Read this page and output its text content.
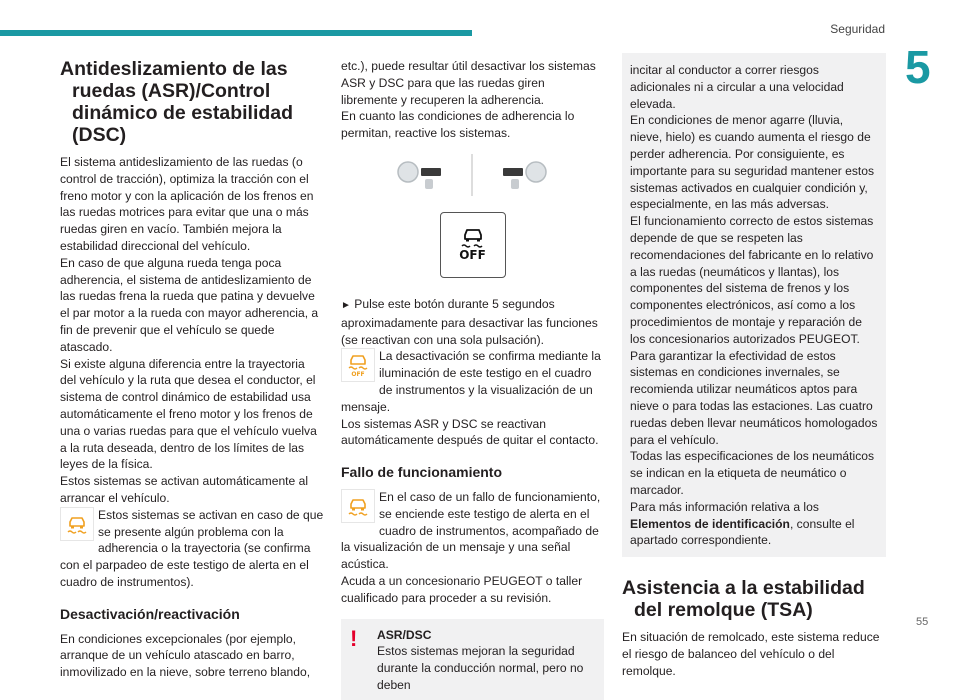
Seguridad
5
55
Antideslizamiento de las ruedas (ASR)/Control dinámico de estabilidad (DSC)

El sistema antideslizamiento de las ruedas (o control de tracción), optimiza la tracción con el freno motor y con la aplicación de los frenos en las ruedas motrices para evitar que una o más ruedas giren en vacío. También mejora la estabilidad direccional del vehículo.

En caso de que alguna rueda tenga poca adherencia, el sistema de antideslizamiento de las ruedas frena la rueda que patina y devuelve el par motor a la rueda con mayor adherencia, a fin de prevenir que el vehículo se quede atascado.

Si existe alguna diferencia entre la trayectoria del vehículo y la ruta que desea el conductor, el sistema de control dinámico de estabilidad usa automáticamente el freno motor y los frenos de una o varias ruedas para que el vehículo vuelva a la ruta deseada, dentro de los límites de las leyes de la física.

Estos sistemas se activan automáticamente al arrancar el vehículo.

Estos sistemas se activan en caso de que se presente algún problema con la adherencia o la trayectoria (se confirma con el parpadeo de este testigo de alerta en el cuadro de instrumentos).

Desactivación/reactivación

En condiciones excepcionales (por ejemplo, arranque de un vehículo atascado en barro, inmovilizado en la nieve, sobre terreno blando,

etc.), puede resultar útil desactivar los sistemas ASR y DSC para que las ruedas giren libremente y recuperen la adherencia.

En cuanto las condiciones de adherencia lo permitan, reactive los sistemas.

OFF

► Pulse este botón durante 5 segundos aproximadamente para desactivar las funciones (se reactivan con una sola pulsación).

OFF

La desactivación se confirma mediante la iluminación de este testigo en el cuadro de instrumentos y la visualización de un mensaje.

Los sistemas ASR y DSC se reactivan automáticamente después de quitar el contacto.

Fallo de funcionamiento

En el caso de un fallo de funcionamiento, se enciende este testigo de alerta en el cuadro de instrumentos, acompañado de la visualización de un mensaje y una señal acústica.

Acuda a un concesionario PEUGEOT o taller cualificado para proceder a su revisión.

!	ASR/DSC

Estos sistemas mejoran la seguridad durante la conducción normal, pero no deben

incitar al conductor a correr riesgos adicionales ni a circular a una velocidad elevada.

En condiciones de menor agarre (lluvia, nieve, hielo) es cuando aumenta el riesgo de perder adherencia. Por consiguiente, es importante para su seguridad mantener estos sistemas activados en cualquier condición y, especialmente, en las más adversas.

El funcionamiento correcto de estos sistemas depende de que se respeten las recomendaciones del fabricante en lo relativo a las ruedas (neumáticos y llantas), los componentes del sistema de frenos y los componentes electrónicos, así como a los procedimientos de montaje y reparación de los concesionarios autorizados PEUGEOT.

Para garantizar la efectividad de estos sistemas en condiciones invernales, se recomienda utilizar neumáticos aptos para nieve o para todas las estaciones. Las cuatro ruedas deben llevar neumáticos homologados para el vehículo.

Todas las especificaciones de los neumáticos se indican en la etiqueta de neumático o marcador.

Para más información relativa a los Elementos de identificación, consulte el apartado correspondiente.

Asistencia a la estabilidad del remolque (TSA)

En situación de remolcado, este sistema reduce el riesgo de balanceo del vehículo o del remolque.
